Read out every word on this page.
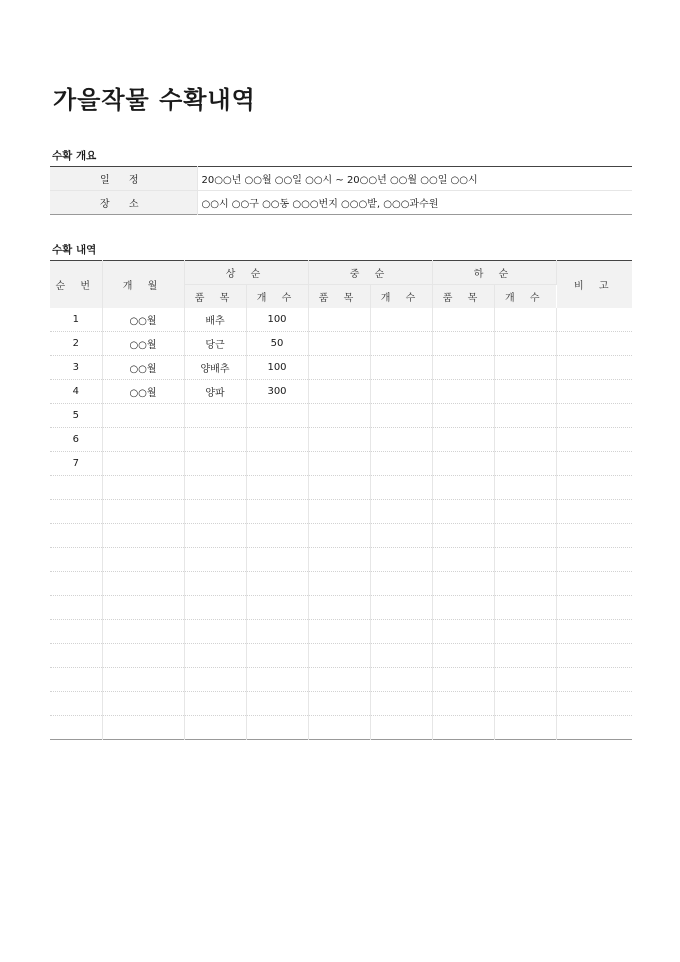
가을작물 수확내역
수확 개요
일 정	20○○년 ○○월 ○○일 ○○시 ~ 20○○년 ○○월 ○○일 ○○시
장 소	○○시 ○○구 ○○동 ○○○번지 ○○○밭, ○○○과수원
수확 내역
순 번	개 월	상 순		중 순		하 순		비 고
		품 목	개 수	품 목	개 수	품 목	개 수	
1	○○월	배추	100					
2	○○월	당근	50					
3	○○월	양배추	100					
4	○○월	양파	300					
5								
6								
7								
